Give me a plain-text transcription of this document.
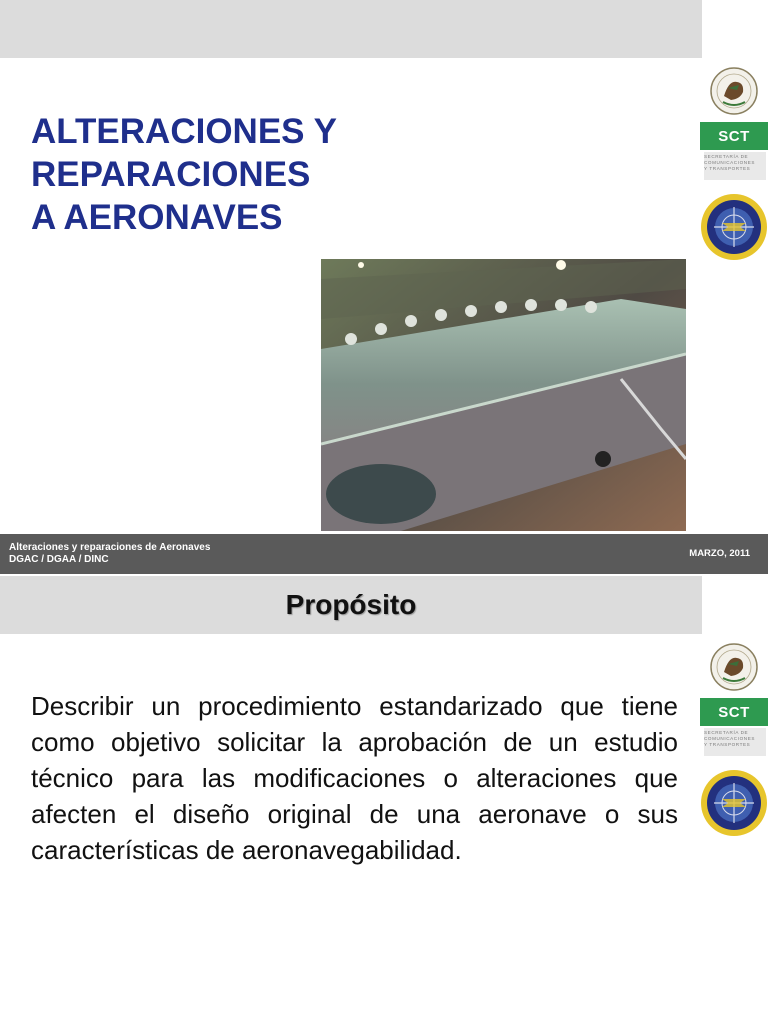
SCT
SECRETARÍA DE
COMUNICACIONES
Y TRANSPORTES
ALTERACIONES Y
REPARACIONES
A AERONAVES
Alteraciones y reparaciones de Aeronaves
DGAC / DGAA / DINC
MARZO, 2011
Propósito
SCT
SECRETARÍA DE
COMUNICACIONES
Y TRANSPORTES

Describir un procedimiento estandarizado que tiene como objetivo solicitar la aprobación de un estudio técnico para las modificaciones o alteraciones que afecten el diseño original de una aeronave o sus características de aeronavegabilidad.
